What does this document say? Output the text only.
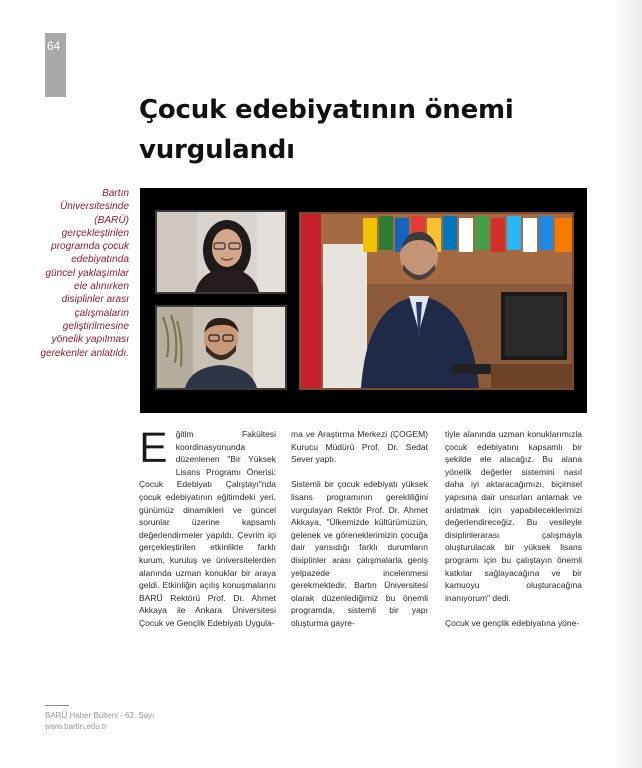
64
Çocuk edebiyatının önemi vurgulandı
Bartın Üniversitesinde (BARÜ) gerçekleştirilen programda çocuk edebiyatında güncel yaklaşımlar ele alınırken disiplinler arası çalışmaların geliştirilmesine yönelik yapılması gerekenler anlatıldı.

Eğitim Fakültesi koordinasyonunda düzenlenen "Bir Yüksek Lisans Programı Önerisi: Çocuk Edebiyatı Çalıştayı"nda çocuk edebiyatının eğitimdeki yeri, günümüz dinamikleri ve güncel sorunlar üzerine kapsamlı değerlendirmeler yapıldı. Çevrim içi gerçekleştirilen etkinlikte farklı kurum, kuruluş ve üniversitelerden alanında uzman konuklar bir araya geldi. Etkinliğin açılış konuşmalarını BARÜ Rektörü Prof. Dr. Ahmet Akkaya ile Ankara Üniversitesi Çocuk ve Gençlik Edebiyatı Uygula-

ma ve Araştırma Merkezi (ÇOGEM) Kurucu Müdürü Prof. Dr. Sedat Sever yaptı.

Sistemli bir çocuk edebiyatı yüksek lisans programının gerekliliğini vurgulayan Rektör Prof. Dr. Ahmet Akkaya, "Ülkemizde kültürümüzün, gelenek ve göreneklerimizin çocuğa dair yansıdığı farklı durumların disiplinler arası çalışmalarla geniş yelpazede incelenmesi gerekmektedir. Bartın Üniversitesi olarak düzenlediğimiz bu önemli programda, sistemli bir yapı oluşturma gayre-

tiyle alanında uzman konuklarımızla çocuk edebiyatını kapsamlı bir şekilde ele alacağız. Bu alana yönelik değerler sistemini nasıl daha iyi aktaracağımızı, biçimsel yapısına dair unsurları anlamak ve anlatmak için yapabileceklerimizi değerlendireceğiz. Bu vesileyle disiplinlerarası çalışmayla oluşturulacak bir yüksek lisans programı için bu çalıştayın önemli katkılar sağlayacağına ve bir kamuoyu oluşturacağına inanıyorum" dedi.

Çocuk ve gençlik edebiyatına yöne-

BARÜ Haber Bülteni - 62. Sayı
www.bartin.edu.tr
